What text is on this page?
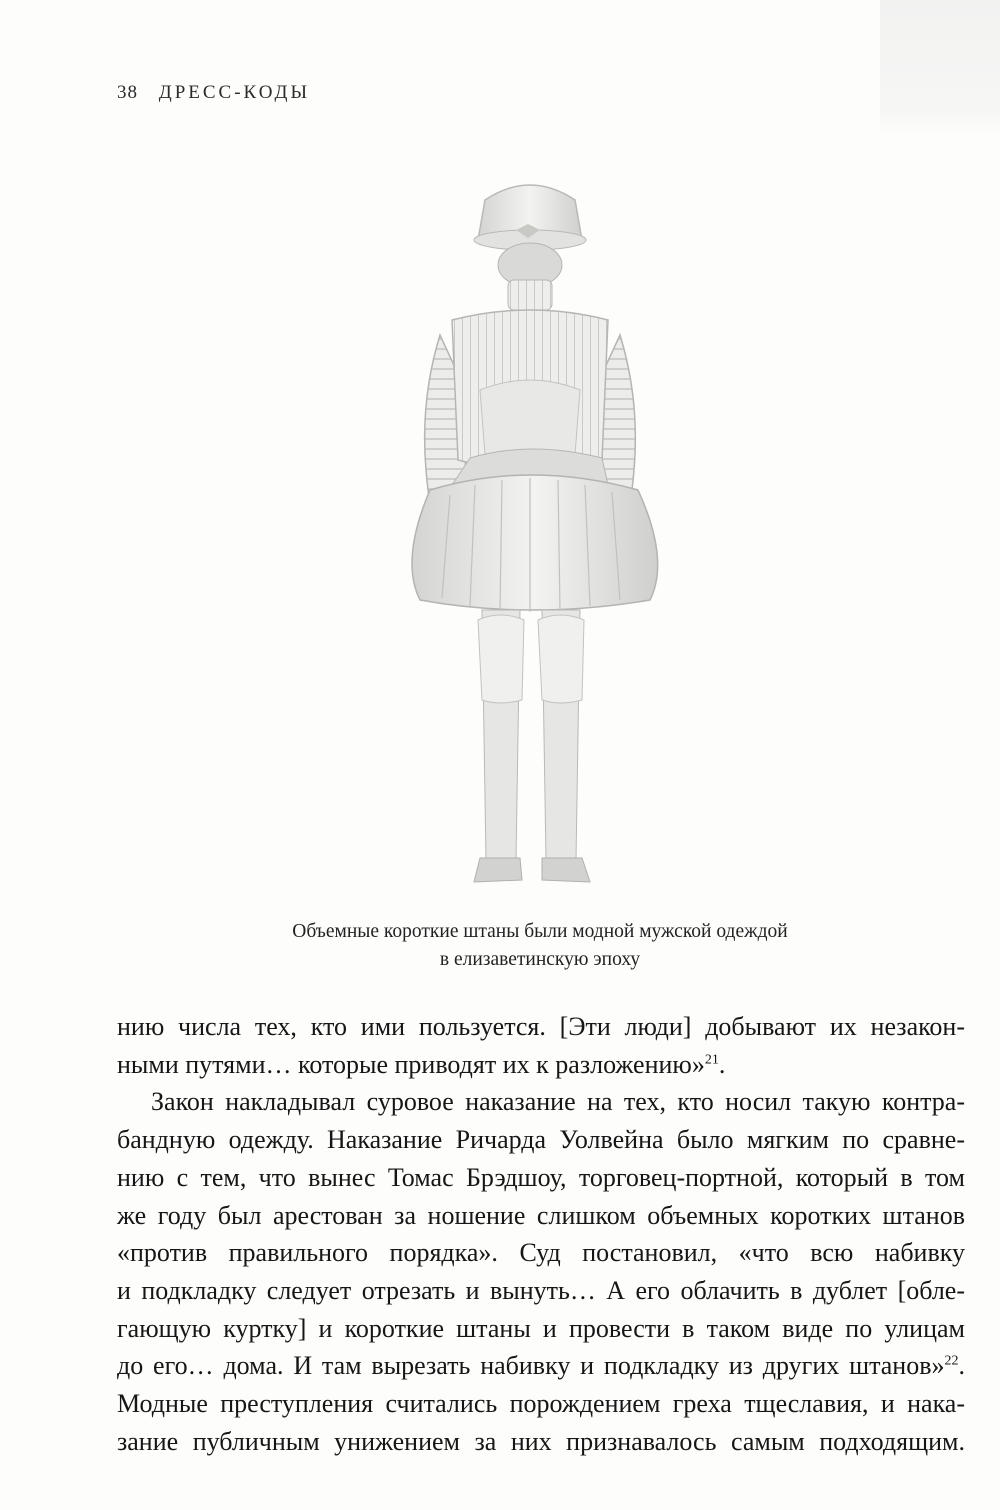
38 ДРЕСС-КОДЫ
Объемные короткие штаны были модной мужской одеждой
в елизаветинскую эпоху
нию числа тех, кто ими пользуется. [Эти люди] добывают их незакон-
ными путями… которые приводят их к разложению»$^{21}$.
Закон накладывал суровое наказание на тех, кто носил такую контра-
бандную одежду. Наказание Ричарда Уолвейна было мягким по сравне-
нию с тем, что вынес Томас Брэдшоу, торговец-портной, который в том
же году был арестован за ношение слишком объемных коротких штанов
«против правильного порядка». Суд постановил, «что всю набивку
и подкладку следует отрезать и вынуть… А его облачить в дублет [обле-
гающую куртку] и короткие штаны и провести в таком виде по улицам
до его… дома. И там вырезать набивку и подкладку из других штанов»$^{22}$.
Модные преступления считались порождением греха тщеславия, и нака-
зание публичным унижением за них признавалось самым подходящим.
